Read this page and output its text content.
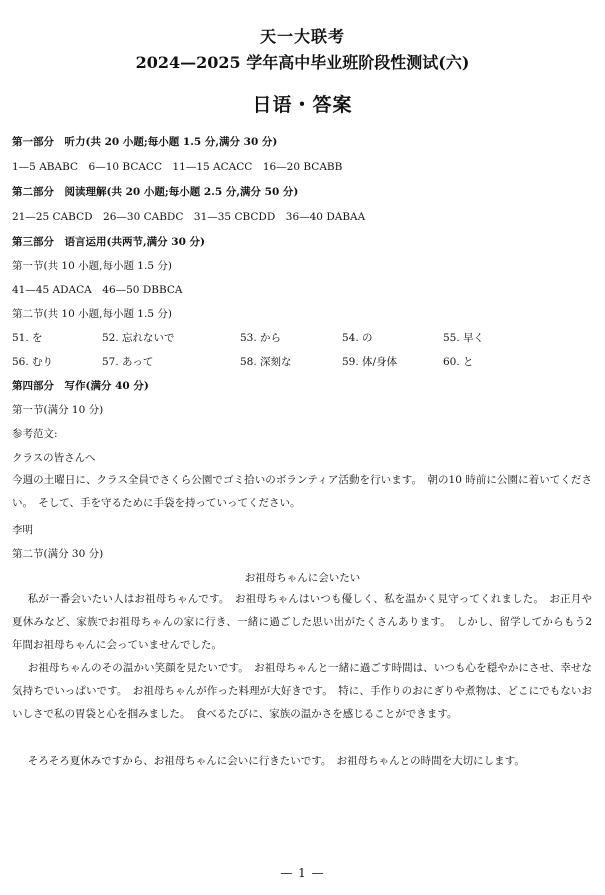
天一大联考
2024—2025 学年高中毕业班阶段性测试(六)
日语・答案
第一部分　听力(共 20 小题;每小题 1.5 分,满分 30 分)
1—5 ABABC　6—10 BCACC　11—15 ACACC　16—20 BCABB
第二部分　阅读理解(共 20 小题;每小题 2.5 分,满分 50 分)
21—25 CABCD　26—30 CABDC　31—35 CBCDD　36—40 DABAA
第三部分　语言运用(共两节,满分 30 分)
第一节(共 10 小题,每小题 1.5 分)
41—45 ADACA　46—50 DBBCA
第二节(共 10 小题,每小题 1.5 分)
51. を	52. 忘れないで	53. から	54. の	55. 早く
56. むり	57. あって	58. 深刻な	59. 体/身体	60. と
第四部分　写作(满分 40 分)
第一节(满分 10 分)
参考范文:
クラスの皆さんへ

今週の土曜日に、クラス全員でさくら公園でゴミ拾いのボランティア活動を行います。　朝の10 時前に公園に着いてください。　そして、手を守るために手袋を持っていってください。

李明
第二节(满分 30 分)
お祖母ちゃんに会いたい

私が一番会いたい人はお祖母ちゃんです。　お祖母ちゃんはいつも優しく、私を温かく見守ってくれました。　お正月や夏休みなど、家族でお祖母ちゃんの家に行き、一緒に過ごした思い出がたくさんあります。　しかし、留学してからもう2 年間お祖母ちゃんに会っていませんでした。

お祖母ちゃんのその温かい笑顔を見たいです。　お祖母ちゃんと一緒に過ごす時間は、いつも心を穏やかにさせ、幸せな気持ちでいっぱいです。　お祖母ちゃんが作った料理が大好きです。　特に、手作りのおにぎりや煮物は、どこにでもないおいしさで私の胃袋と心を掴みました。　食べるたびに、家族の温かさを感じることができます。

そろそろ夏休みですから、お祖母ちゃんに会いに行きたいです。　お祖母ちゃんとの時間を大切にします。

— 1 —
